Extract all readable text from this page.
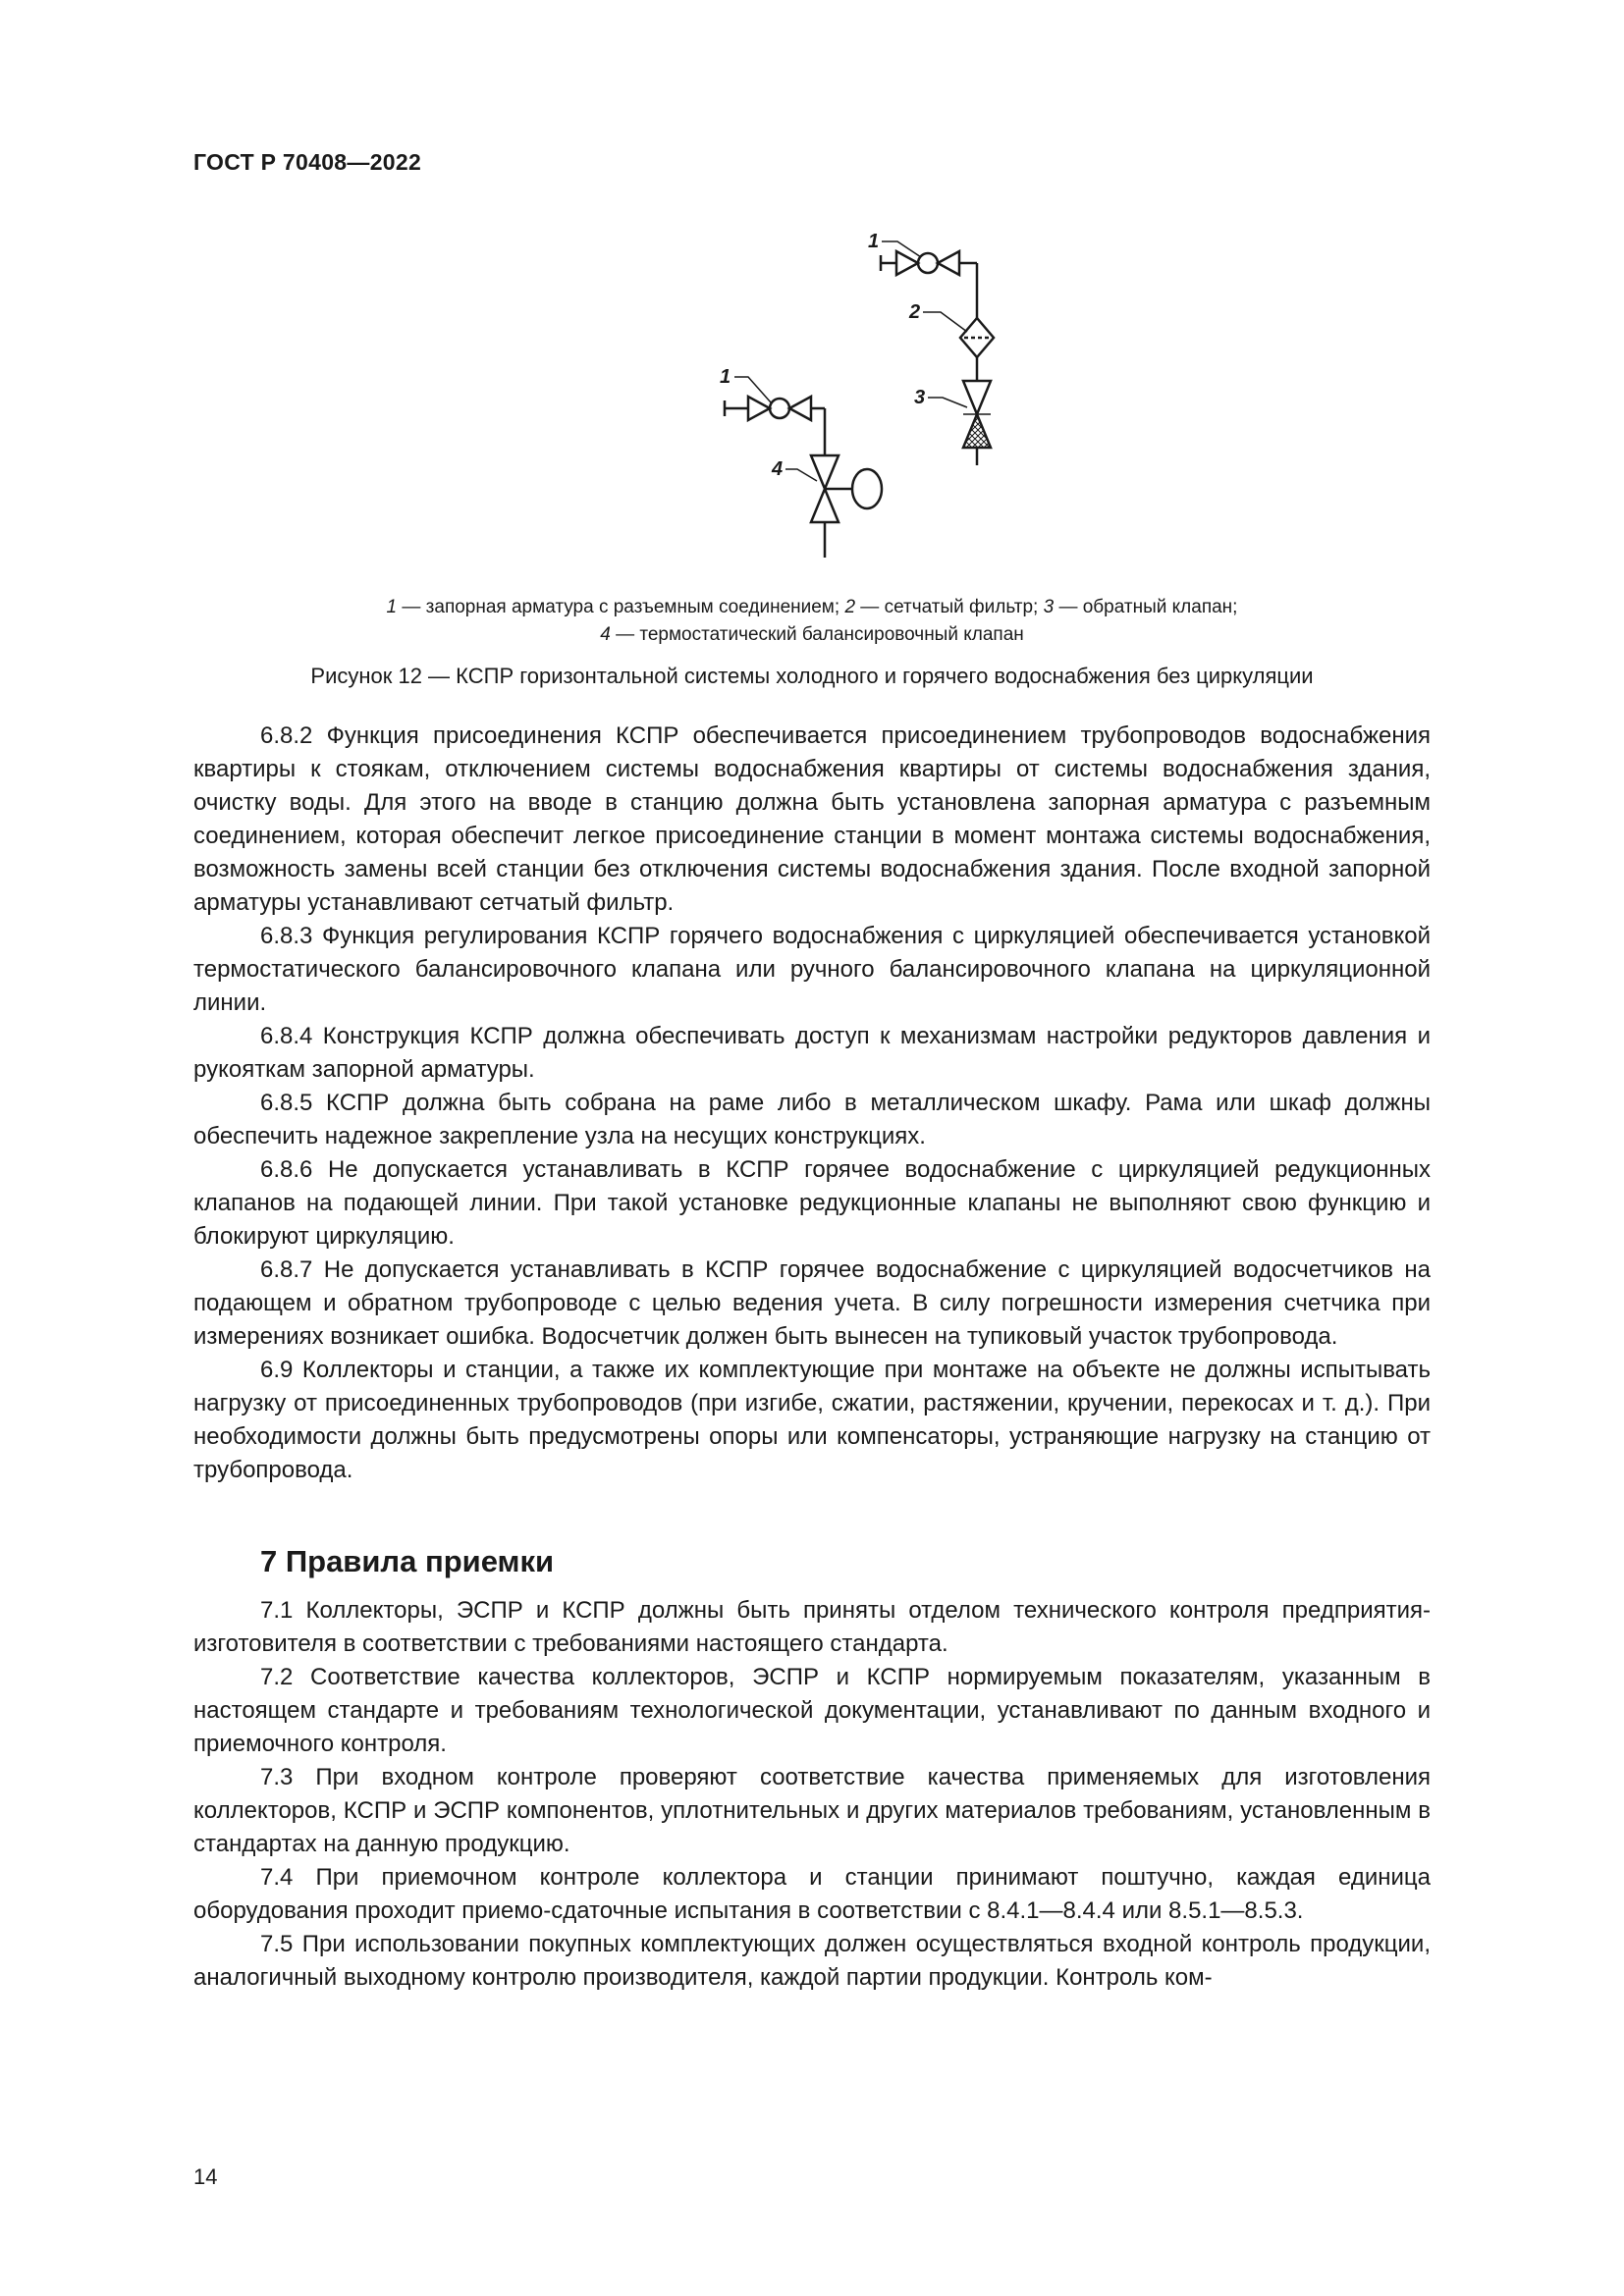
ГОСТ Р 70408—2022
1
2
1
3
4
1 — запорная арматура с разъемным соединением; 2 — сетчатый фильтр; 3 — обратный клапан;
4 — термостатический балансировочный клапан
Рисунок 12 — КСПР горизонтальной системы холодного и горячего водоснабжения без циркуляции

6.8.2 Функция присоединения КСПР обеспечивается присоединением трубопроводов водоснабжения квартиры к стоякам, отключением системы водоснабжения квартиры от системы водоснабжения здания, очистку воды. Для этого на вводе в станцию должна быть установлена запорная арматура с разъемным соединением, которая обеспечит легкое присоединение станции в момент монтажа системы водоснабжения, возможность замены всей станции без отключения системы водоснабжения здания. После входной запорной арматуры устанавливают сетчатый фильтр.

6.8.3 Функция регулирования КСПР горячего водоснабжения с циркуляцией обеспечивается установкой термостатического балансировочного клапана или ручного балансировочного клапана на циркуляционной линии.

6.8.4 Конструкция КСПР должна обеспечивать доступ к механизмам настройки редукторов давления и рукояткам запорной арматуры.

6.8.5 КСПР должна быть собрана на раме либо в металлическом шкафу. Рама или шкаф должны обеспечить надежное закрепление узла на несущих конструкциях.

6.8.6 Не допускается устанавливать в КСПР горячее водоснабжение с циркуляцией редукционных клапанов на подающей линии. При такой установке редукционные клапаны не выполняют свою функцию и блокируют циркуляцию.

6.8.7 Не допускается устанавливать в КСПР горячее водоснабжение с циркуляцией водосчетчиков на подающем и обратном трубопроводе с целью ведения учета. В силу погрешности измерения счетчика при измерениях возникает ошибка. Водосчетчик должен быть вынесен на тупиковый участок трубопровода.

6.9 Коллекторы и станции, а также их комплектующие при монтаже на объекте не должны испытывать нагрузку от присоединенных трубопроводов (при изгибе, сжатии, растяжении, кручении, перекосах и т. д.). При необходимости должны быть предусмотрены опоры или компенсаторы, устраняющие нагрузку на станцию от трубопровода.

7 Правила приемки

7.1 Коллекторы, ЭСПР и КСПР должны быть приняты отделом технического контроля предприятия-изготовителя в соответствии с требованиями настоящего стандарта.

7.2 Соответствие качества коллекторов, ЭСПР и КСПР нормируемым показателям, указанным в настоящем стандарте и требованиям технологической документации, устанавливают по данным входного и приемочного контроля.

7.3 При входном контроле проверяют соответствие качества применяемых для изготовления коллекторов, КСПР и ЭСПР компонентов, уплотнительных и других материалов требованиям, установленным в стандартах на данную продукцию.

7.4 При приемочном контроле коллектора и станции принимают поштучно, каждая единица оборудования проходит приемо-сдаточные испытания в соответствии с 8.4.1—8.4.4 или 8.5.1—8.5.3.

7.5 При использовании покупных комплектующих должен осуществляться входной контроль продукции, аналогичный выходному контролю производителя, каждой партии продукции. Контроль ком-

14
